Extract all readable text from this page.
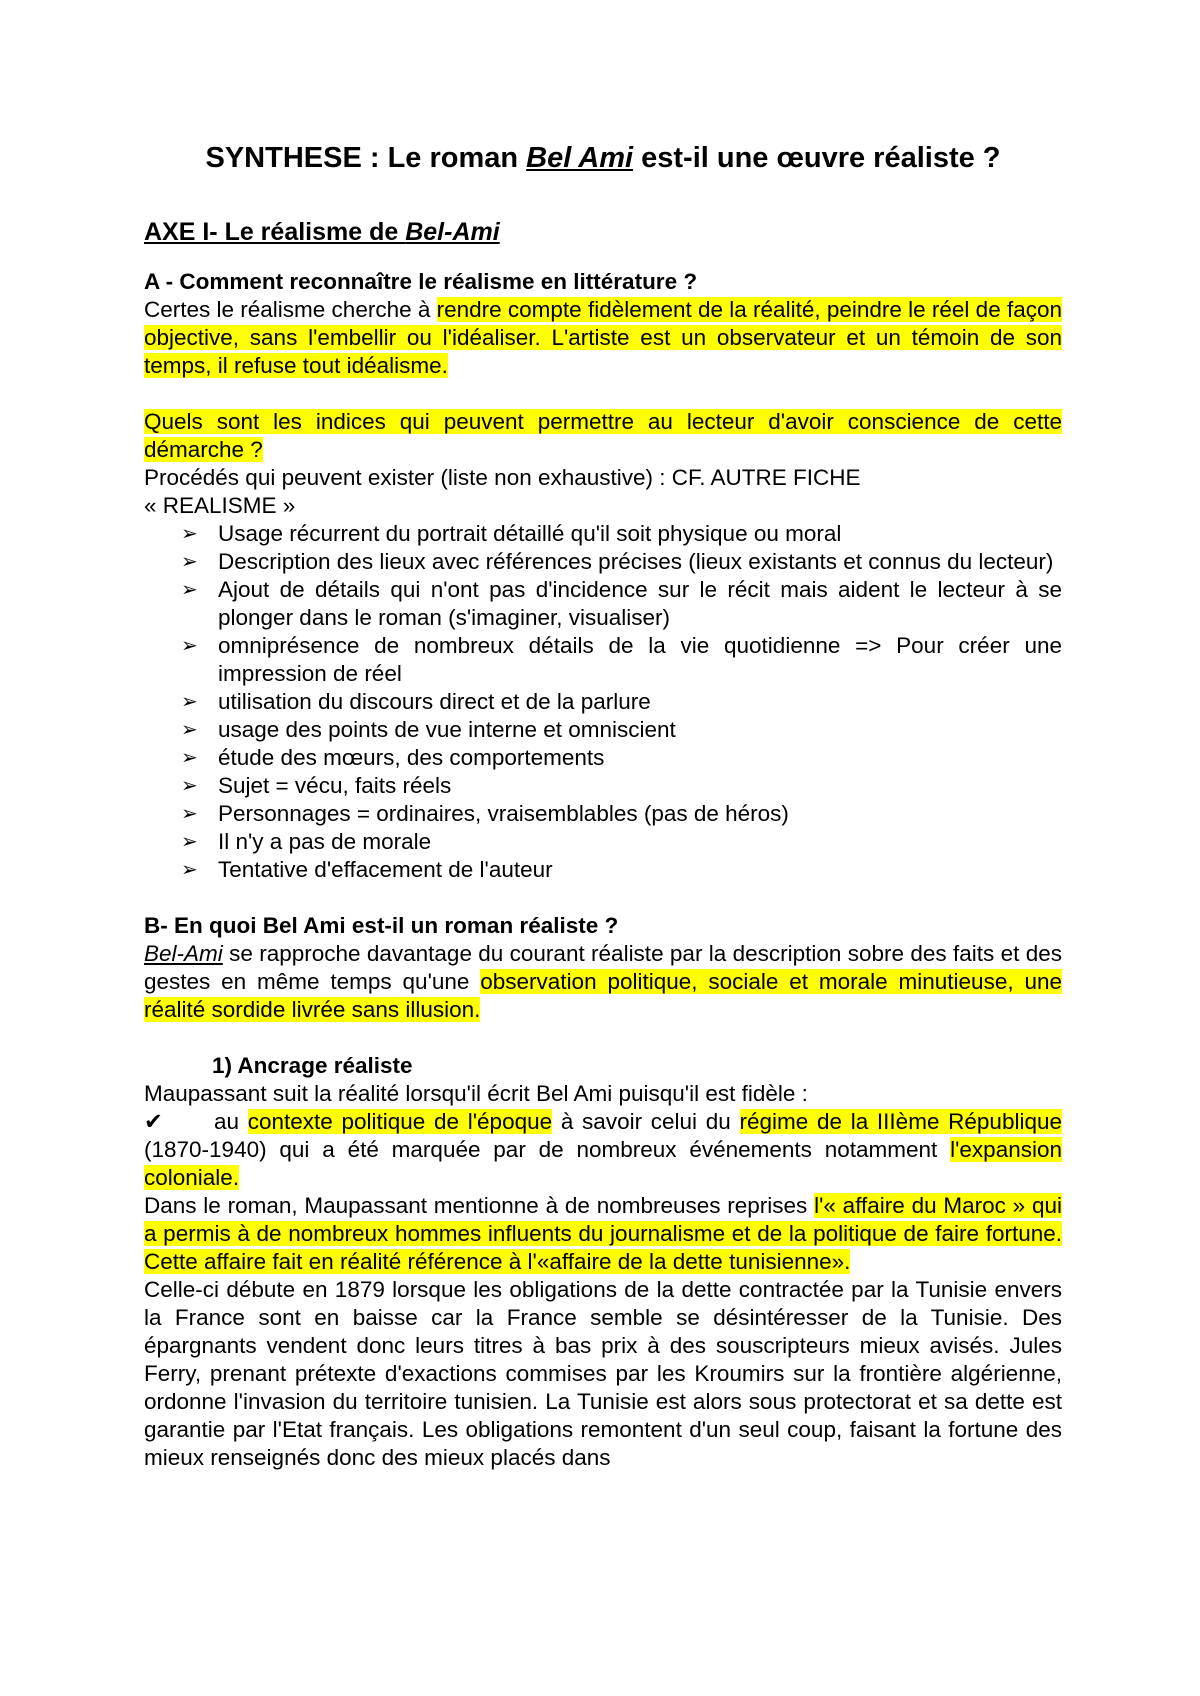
SYNTHESE : Le roman Bel Ami est-il une œuvre réaliste ?

AXE I- Le réalisme de Bel-Ami

A - Comment reconnaître le réalisme en littérature ?

Certes le réalisme cherche à rendre compte fidèlement de la réalité, peindre le réel de façon objective, sans l'embellir ou l'idéaliser. L'artiste est un observateur et un témoin de son temps, il refuse tout idéalisme.

Quels sont les indices qui peuvent permettre au lecteur d'avoir conscience de cette démarche ?

Procédés qui peuvent exister (liste non exhaustive) : CF. AUTRE FICHE

« REALISME »

➢ Usage récurrent du portrait détaillé qu'il soit physique ou moral
➢ Description des lieux avec références précises (lieux existants et connus du lecteur)
➢ Ajout de détails qui n'ont pas d'incidence sur le récit mais aident le lecteur à se plonger dans le roman (s'imaginer, visualiser)
➢ omniprésence de nombreux détails de la vie quotidienne => Pour créer une impression de réel
➢ utilisation du discours direct et de la parlure
➢ usage des points de vue interne et omniscient
➢ étude des mœurs, des comportements
➢ Sujet = vécu, faits réels
➢ Personnages = ordinaires, vraisemblables (pas de héros)
➢ Il n'y a pas de morale
➢ Tentative d'effacement de l'auteur

B- En quoi Bel Ami est-il un roman réaliste ?

Bel-Ami se rapproche davantage du courant réaliste par la description sobre des faits et des gestes en même temps qu'une observation politique, sociale et morale minutieuse, une réalité sordide livrée sans illusion.

1) Ancrage réaliste

Maupassant suit la réalité lorsqu'il écrit Bel Ami puisqu'il est fidèle :

✔ au contexte politique de l'époque à savoir celui du régime de la IIIème République (1870-1940) qui a été marquée par de nombreux événements notamment l'expansion coloniale.

Dans le roman, Maupassant mentionne à de nombreuses reprises l'« affaire du Maroc » qui a permis à de nombreux hommes influents du journalisme et de la politique de faire fortune. Cette affaire fait en réalité référence à l'«affaire de la dette tunisienne».

Celle-ci débute en 1879 lorsque les obligations de la dette contractée par la Tunisie envers la France sont en baisse car la France semble se désintéresser de la Tunisie. Des épargnants vendent donc leurs titres à bas prix à des souscripteurs mieux avisés. Jules Ferry, prenant prétexte d'exactions commises par les Kroumirs sur la frontière algérienne, ordonne l'invasion du territoire tunisien. La Tunisie est alors sous protectorat et sa dette est garantie par l'Etat français. Les obligations remontent d'un seul coup, faisant la fortune des mieux renseignés donc des mieux placés dans
